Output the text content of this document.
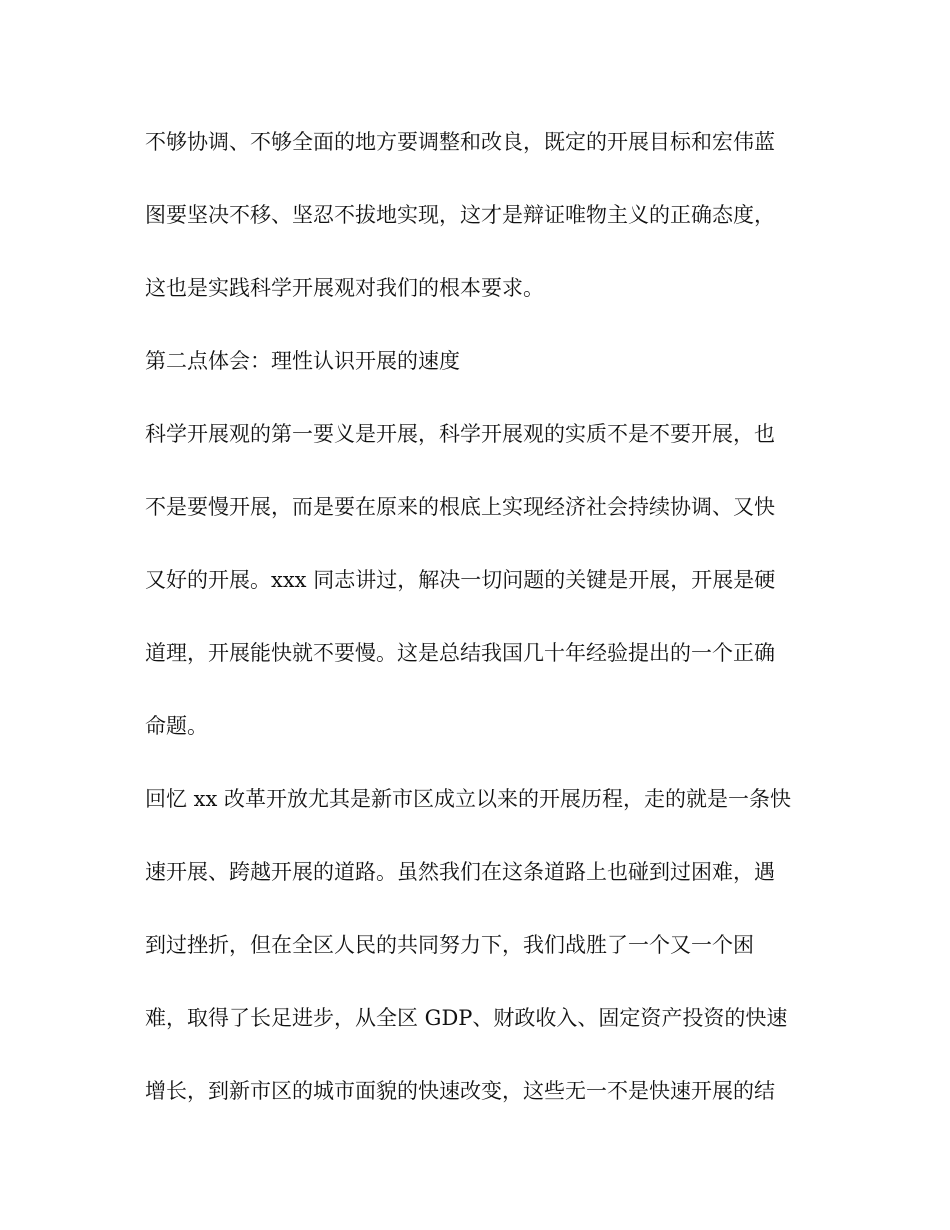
不够协调、不够全面的地方要调整和改良，既定的开展目标和宏伟蓝
图要坚决不移、坚忍不拔地实现，这才是辩证唯物主义的正确态度，
这也是实践科学开展观对我们的根本要求。
第二点体会：理性认识开展的速度
科学开展观的第一要义是开展，科学开展观的实质不是不要开展，也
不是要慢开展，而是要在原来的根底上实现经济社会持续协调、又快
又好的开展。xxx 同志讲过，解决一切问题的关键是开展，开展是硬
道理，开展能快就不要慢。这是总结我国几十年经验提出的一个正确
命题。
回忆 xx 改革开放尤其是新市区成立以来的开展历程，走的就是一条快
速开展、跨越开展的道路。虽然我们在这条道路上也碰到过困难，遇
到过挫折，但在全区人民的共同努力下，我们战胜了一个又一个困
难，取得了长足进步，从全区 GDP、财政收入、固定资产投资的快速
增长，到新市区的城市面貌的快速改变，这些无一不是快速开展的结
